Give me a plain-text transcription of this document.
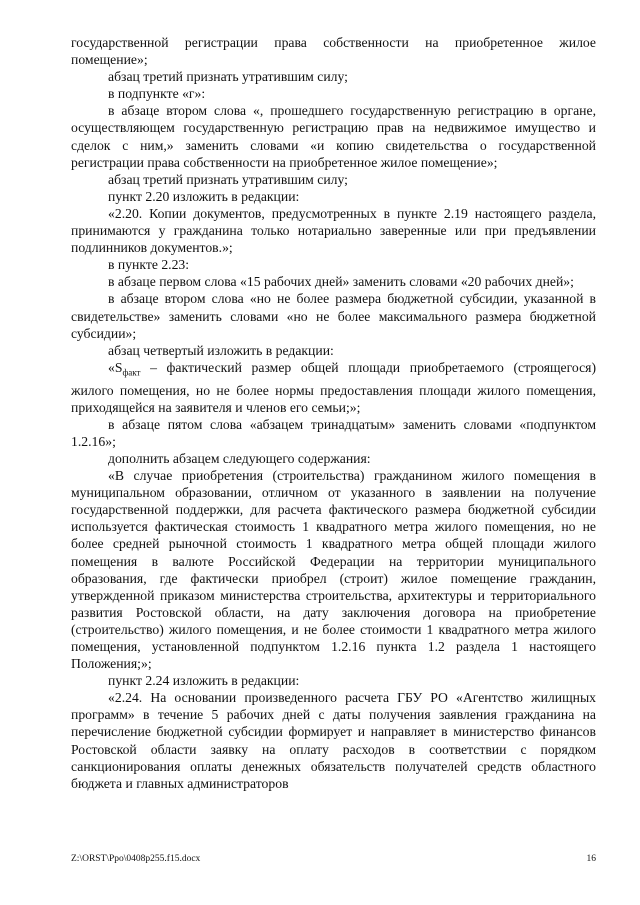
государственной регистрации права собственности на приобретенное жилое помещение»;

абзац третий признать утратившим силу;

в подпункте «г»:

в абзаце втором слова «, прошедшего государственную регистрацию в органе, осуществляющем государственную регистрацию прав на недвижимое имущество и сделок с ним,» заменить словами «и копию свидетельства о государственной регистрации права собственности на приобретенное жилое помещение»;

абзац третий признать утратившим силу;

пункт 2.20 изложить в редакции:

«2.20. Копии документов, предусмотренных в пункте 2.19 настоящего раздела, принимаются у гражданина только нотариально заверенные или при предъявлении подлинников документов.»;

в пункте 2.23:

в абзаце первом слова «15 рабочих дней» заменить словами «20 рабочих дней»;

в абзаце втором слова «но не более размера бюджетной субсидии, указанной в свидетельстве» заменить словами «но не более максимального размера бюджетной субсидии»;

абзац четвертый изложить в редакции:

«$S_{факт}$ – фактический размер общей площади приобретаемого (строящегося) жилого помещения, но не более нормы предоставления площади жилого помещения, приходящейся на заявителя и членов его семьи;»;

в абзаце пятом слова «абзацем тринадцатым» заменить словами «подпунктом 1.2.16»;

дополнить абзацем следующего содержания:

«В случае приобретения (строительства) гражданином жилого помещения в муниципальном образовании, отличном от указанного в заявлении на получение государственной поддержки, для расчета фактического размера бюджетной субсидии используется фактическая стоимость 1 квадратного метра жилого помещения, но не более средней рыночной стоимость 1 квадратного метра общей площади жилого помещения в валюте Российской Федерации на территории муниципального образования, где фактически приобрел (строит) жилое помещение гражданин, утвержденной приказом министерства строительства, архитектуры и территориального развития Ростовской области, на дату заключения договора на приобретение (строительство) жилого помещения, и не более стоимости 1 квадратного метра жилого помещения, установленной подпунктом 1.2.16 пункта 1.2 раздела 1 настоящего Положения;»;

пункт 2.24 изложить в редакции:

«2.24. На основании произведенного расчета ГБУ РО «Агентство жилищных программ» в течение 5 рабочих дней с даты получения заявления гражданина на перечисление бюджетной субсидии формирует и направляет в министерство финансов Ростовской области заявку на оплату расходов в соответствии с порядком санкционирования оплаты денежных обязательств получателей средств областного бюджета и главных администраторов

Z:\ORST\Ppo\0408p255.f15.docx	16
